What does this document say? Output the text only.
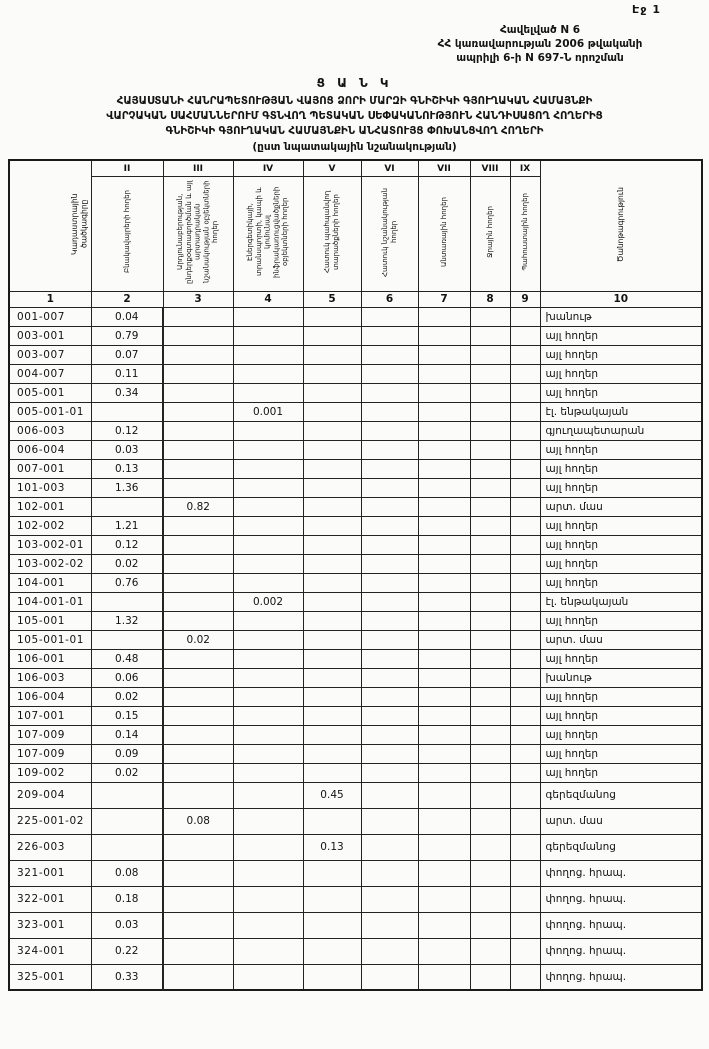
Էջ 1
Հավելված N 6
ՀՀ կառավարության 2006 թվականի
ապրիլի 6-ի N 697-Ն որոշման
Ց Ա Ն Կ
ՀԱՅԱՍՏԱՆԻ ՀԱՆՐԱՊԵՏՈՒԹՅԱՆ ՎԱՅՈՑ ՁՈՐԻ ՄԱՐԶԻ ԳՆԻՇԻԿԻ ԳՅՈՒՂԱԿԱՆ ՀԱՄԱՅՆՔԻ
ՎԱՐՉԱԿԱՆ ՍԱՀՄԱՆՆԵՐՈՒՄ ԳՏՆՎՈՂ ՊԵՏԱԿԱՆ ՍԵՓԱԿԱՆՈՒԹՅՈՒՆ ՀԱՆԴԻՍԱՑՈՂ ՀՈՂԵՐԻՑ
ԳՆԻՇԻԿԻ ԳՅՈՒՂԱԿԱՆ ՀԱՄԱՅՆՔԻՆ ԱՆՀԱՏՈՒՅՑ ՓՈԽԱՆՑՎՈՂ ՀՈՂԵՐԻ
(ըստ նպատակային նշանակության)
Կադաստրային ծածկագիրը	II	III	IV	V	VI	VII	VIII	IX	Ծանոթագրություն
	Բնակավայրերի հողեր	Արդյունաբերության, ընդերքօգտագործման և այլ արտադրական նշանակության օբյեկտների հողեր	Էներգետիկայի, տրանսպորտի, կապի և կոմունալ ինֆրակառուցվածքների օբյեկտների հողեր	Հատուկ պահպանվող տարածքների հողեր	Հատուկ նշանակության հողեր	Անտառային հողեր	Ջրային հողեր	Պահուստային հողեր	
1	2	3	4	5	6	7	8	9	10
001-007	0.04								խանութ
003-001	0.79								այլ հողեր
003-007	0.07								այլ հողեր
004-007	0.11								այլ հողեր
005-001	0.34								այլ հողեր
005-001-01			0.001						էլ. ենթակայան
006-003	0.12								գյուղապետարան
006-004	0.03								այլ հողեր
007-001	0.13								այլ հողեր
101-003	1.36								այլ հողեր
102-001		0.82							արտ. մաս
102-002	1.21								այլ հողեր
103-002-01	0.12								այլ հողեր
103-002-02	0.02								այլ հողեր
104-001	0.76								այլ հողեր
104-001-01			0.002						էլ. ենթակայան
105-001	1.32								այլ հողեր
105-001-01		0.02							արտ. մաս
106-001	0.48								այլ հողեր
106-003	0.06								խանութ
106-004	0.02								այլ հողեր
107-001	0.15								այլ հողեր
107-009	0.14								այլ հողեր
107-009	0.09								այլ հողեր
109-002	0.02								այլ հողեր
209-004				0.45					գերեզմանոց
225-001-02		0.08							արտ. մաս
226-003				0.13					գերեզմանոց
321-001	0.08								փողոց. հրապ.
322-001	0.18								փողոց. հրապ.
323-001	0.03								փողոց. հրապ.
324-001	0.22								փողոց. հրապ.
325-001	0.33								փողոց. հրապ.
